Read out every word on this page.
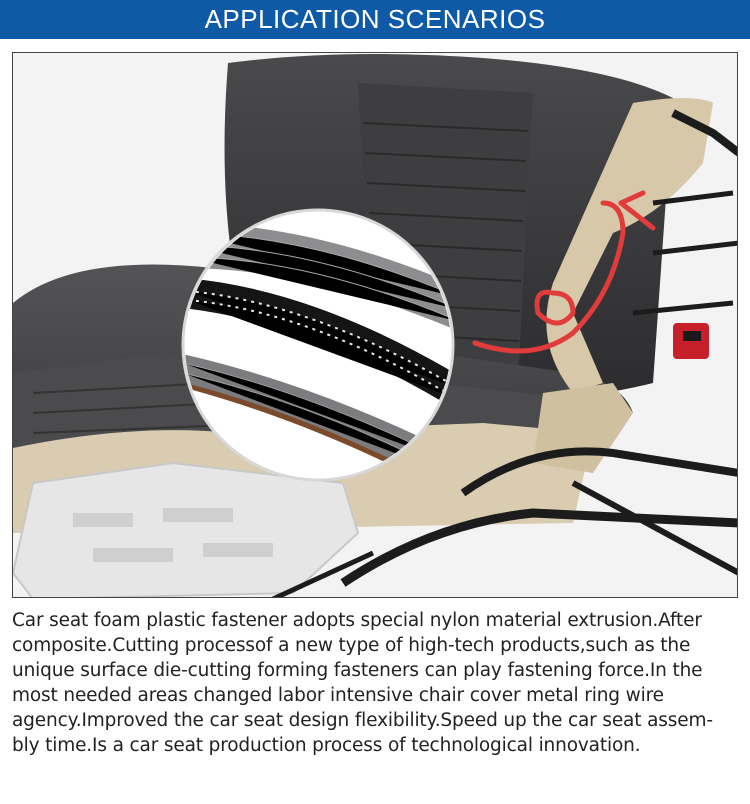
APPLICATION SCENARIOS

Car seat foam plastic fastener adopts special nylon material extrusion.After composite.Cutting processof a new type of high-tech products,such as the unique surface die-cutting forming fasteners can play fastening force.In the most needed areas changed labor intensive chair cover metal ring wire agency.Improved the car seat design flexibility.Speed up the car seat assem-bly time.Is a car seat production process of technological innovation.
